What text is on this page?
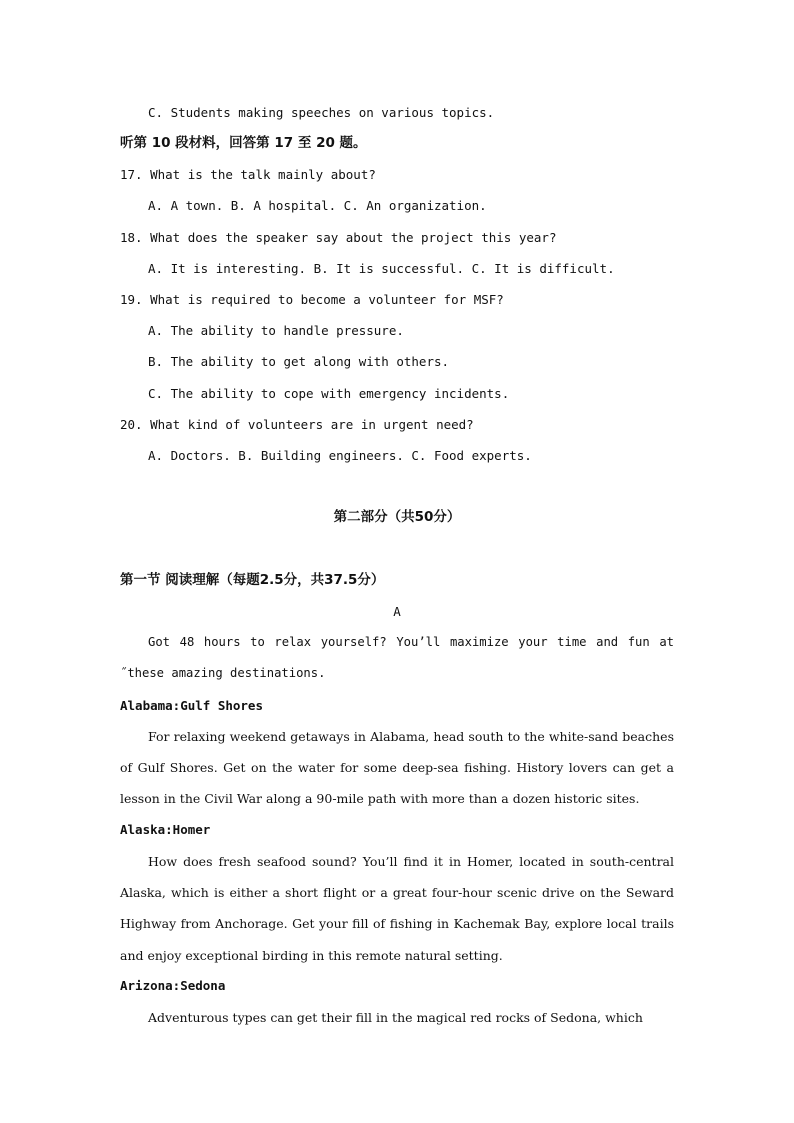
C. Students making speeches on various topics.
听第 10 段材料，回答第 17 至 20 题。
17. What is the talk mainly about?
A. A town. B. A hospital. C. An organization.
18. What does the speaker say about the project this year?
A. It is interesting. B. It is successful. C. It is difficult.
19. What is required to become a volunteer for MSF?
A. The ability to handle pressure.
B. The ability to get along with others.
C. The ability to cope with emergency incidents.
20. What kind of volunteers are in urgent need?
A. Doctors. B. Building engineers. C. Food experts.
第二部分（共50分）
第一节 阅读理解（每题2.5分，共37.5分）
A
Got 48 hours to relax yourself? You’ll maximize your time and fun at ˝these amazing destinations.
Alabama:Gulf Shores
For relaxing weekend getaways in Alabama, head south to the white-sand beaches of Gulf Shores. Get on the water for some deep-sea fishing. History lovers can get a lesson in the Civil War along a 90-mile path with more than a dozen historic sites.
Alaska:Homer
How does fresh seafood sound? You’ll find it in Homer, located in south-central Alaska, which is either a short flight or a great four-hour scenic drive on the Seward Highway from Anchorage. Get your fill of fishing in Kachemak Bay, explore local trails and enjoy exceptional birding in this remote natural setting.
Arizona:Sedona
Adventurous types can get their fill in the magical red rocks of Sedona, which
